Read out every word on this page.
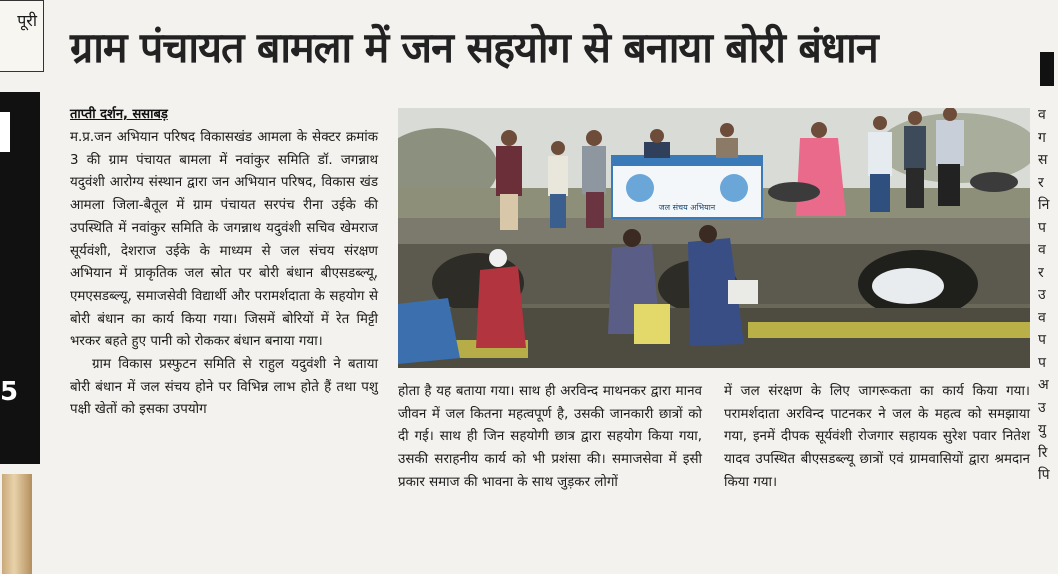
पूरी
5
व
ग
स
र
नि
प
व
र
उ
व
प
प
अ
उ
यु
रि
पि
ग्राम पंचायत बामला में जन सहयोग से बनाया बोरी बंधान
ताप्ती दर्शन, ससाबड़

म.प्र.जन अभियान परिषद विकासखंड आमला के सेक्टर क्रमांक 3 की ग्राम पंचायत बामला में नवांकुर समिति डॉ. जगन्नाथ यदुवंशी आरोग्य संस्थान द्वारा जन अभियान परिषद, विकास खंड आमला जिला-बैतूल में ग्राम पंचायत सरपंच रीना उईके की उपस्थिति में नवांकुर समिति के जगन्नाथ यदुवंशी सचिव खेमराज सूर्यवंशी, देशराज उईके के माध्यम से जल संचय संरक्षण अभियान में प्राकृतिक जल स्रोत पर बोरी बंधान बीएसडब्ल्यू, एमएसडब्ल्यू, समाजसेवी विद्यार्थी और परामर्शदाता के सहयोग से बोरी बंधान का कार्य किया गया। जिसमें बोरियों में रेत मिट्टी भरकर बहते हुए पानी को रोककर बंधान बनाया गया।

ग्राम विकास प्रस्फुटन समिति से राहुल यदुवंशी ने बताया बोरी बंधान में जल संचय होने पर विभिन्न लाभ होते हैं तथा पशु पक्षी खेतों को इसका उपयोग

जल संचय अभियान
होता है यह बताया गया। साथ ही अरविन्द माथनकर द्वारा मानव जीवन में जल कितना महत्वपूर्ण है, उसकी जानकारी छात्रों को दी गई। साथ ही जिन सहयोगी छात्र द्वारा सहयोग किया गया, उसकी सराहनीय कार्य को भी प्रशंसा की। समाजसेवा में इसी प्रकार समाज की भावना के साथ जुड़कर लोगों
में जल संरक्षण के लिए जागरूकता का कार्य किया गया। परामर्शदाता अरविन्द पाटनकर ने जल के महत्व को समझाया गया, इनमें दीपक सूर्यवंशी रोजगार सहायक सुरेश पवार नितेश यादव उपस्थित बीएसडब्ल्यू छात्रों एवं ग्रामवासियों द्वारा श्रमदान किया गया।
